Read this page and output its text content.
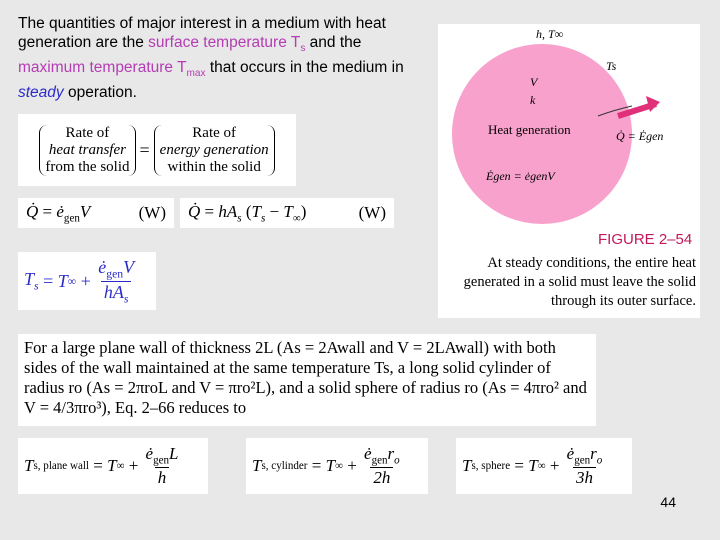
The quantities of major interest in a medium with heat generation are the surface temperature $T_s$ and the maximum temperature $T_{max}$ that occurs in the medium in steady operation.
Rate of
heat transfer
from the solid
=
Rate of
energy generation
within the solid
Q̇ = $ė_{gen}V$	(W) Q̇ = $hA_s$ $(T_s - T_\infty)$	(W)
$T_s = T$ ∞ + $\frac{ė_{gen}V}{hA_s}$
h, T∞
Ts
V
k
Heat generation	Q̇ = Ėgen
Ėgen = ėgenV
FIGURE 2–54
At steady conditions, the entire heat generated in a solid must leave the solid through its outer surface.
For a large plane wall of thickness 2L (As = 2Awall and V = 2LAwall) with both sides of the wall maintained at the same temperature Ts, a long solid cylinder of radius ro (As = 2πroL and V = πro²L), and a solid sphere of radius ro (As = 4πro² and V = 4/3πro³), Eq. 2–66 reduces to
T s, plane wall = T ∞ + $\frac{ė_{gen}L}{h}$	T s, cylinder = T ∞ + $\frac{ė_{gen}r_o}{2h}$	T s, sphere = T ∞ + $\frac{ė_{gen}r_o}{3h}$
44
